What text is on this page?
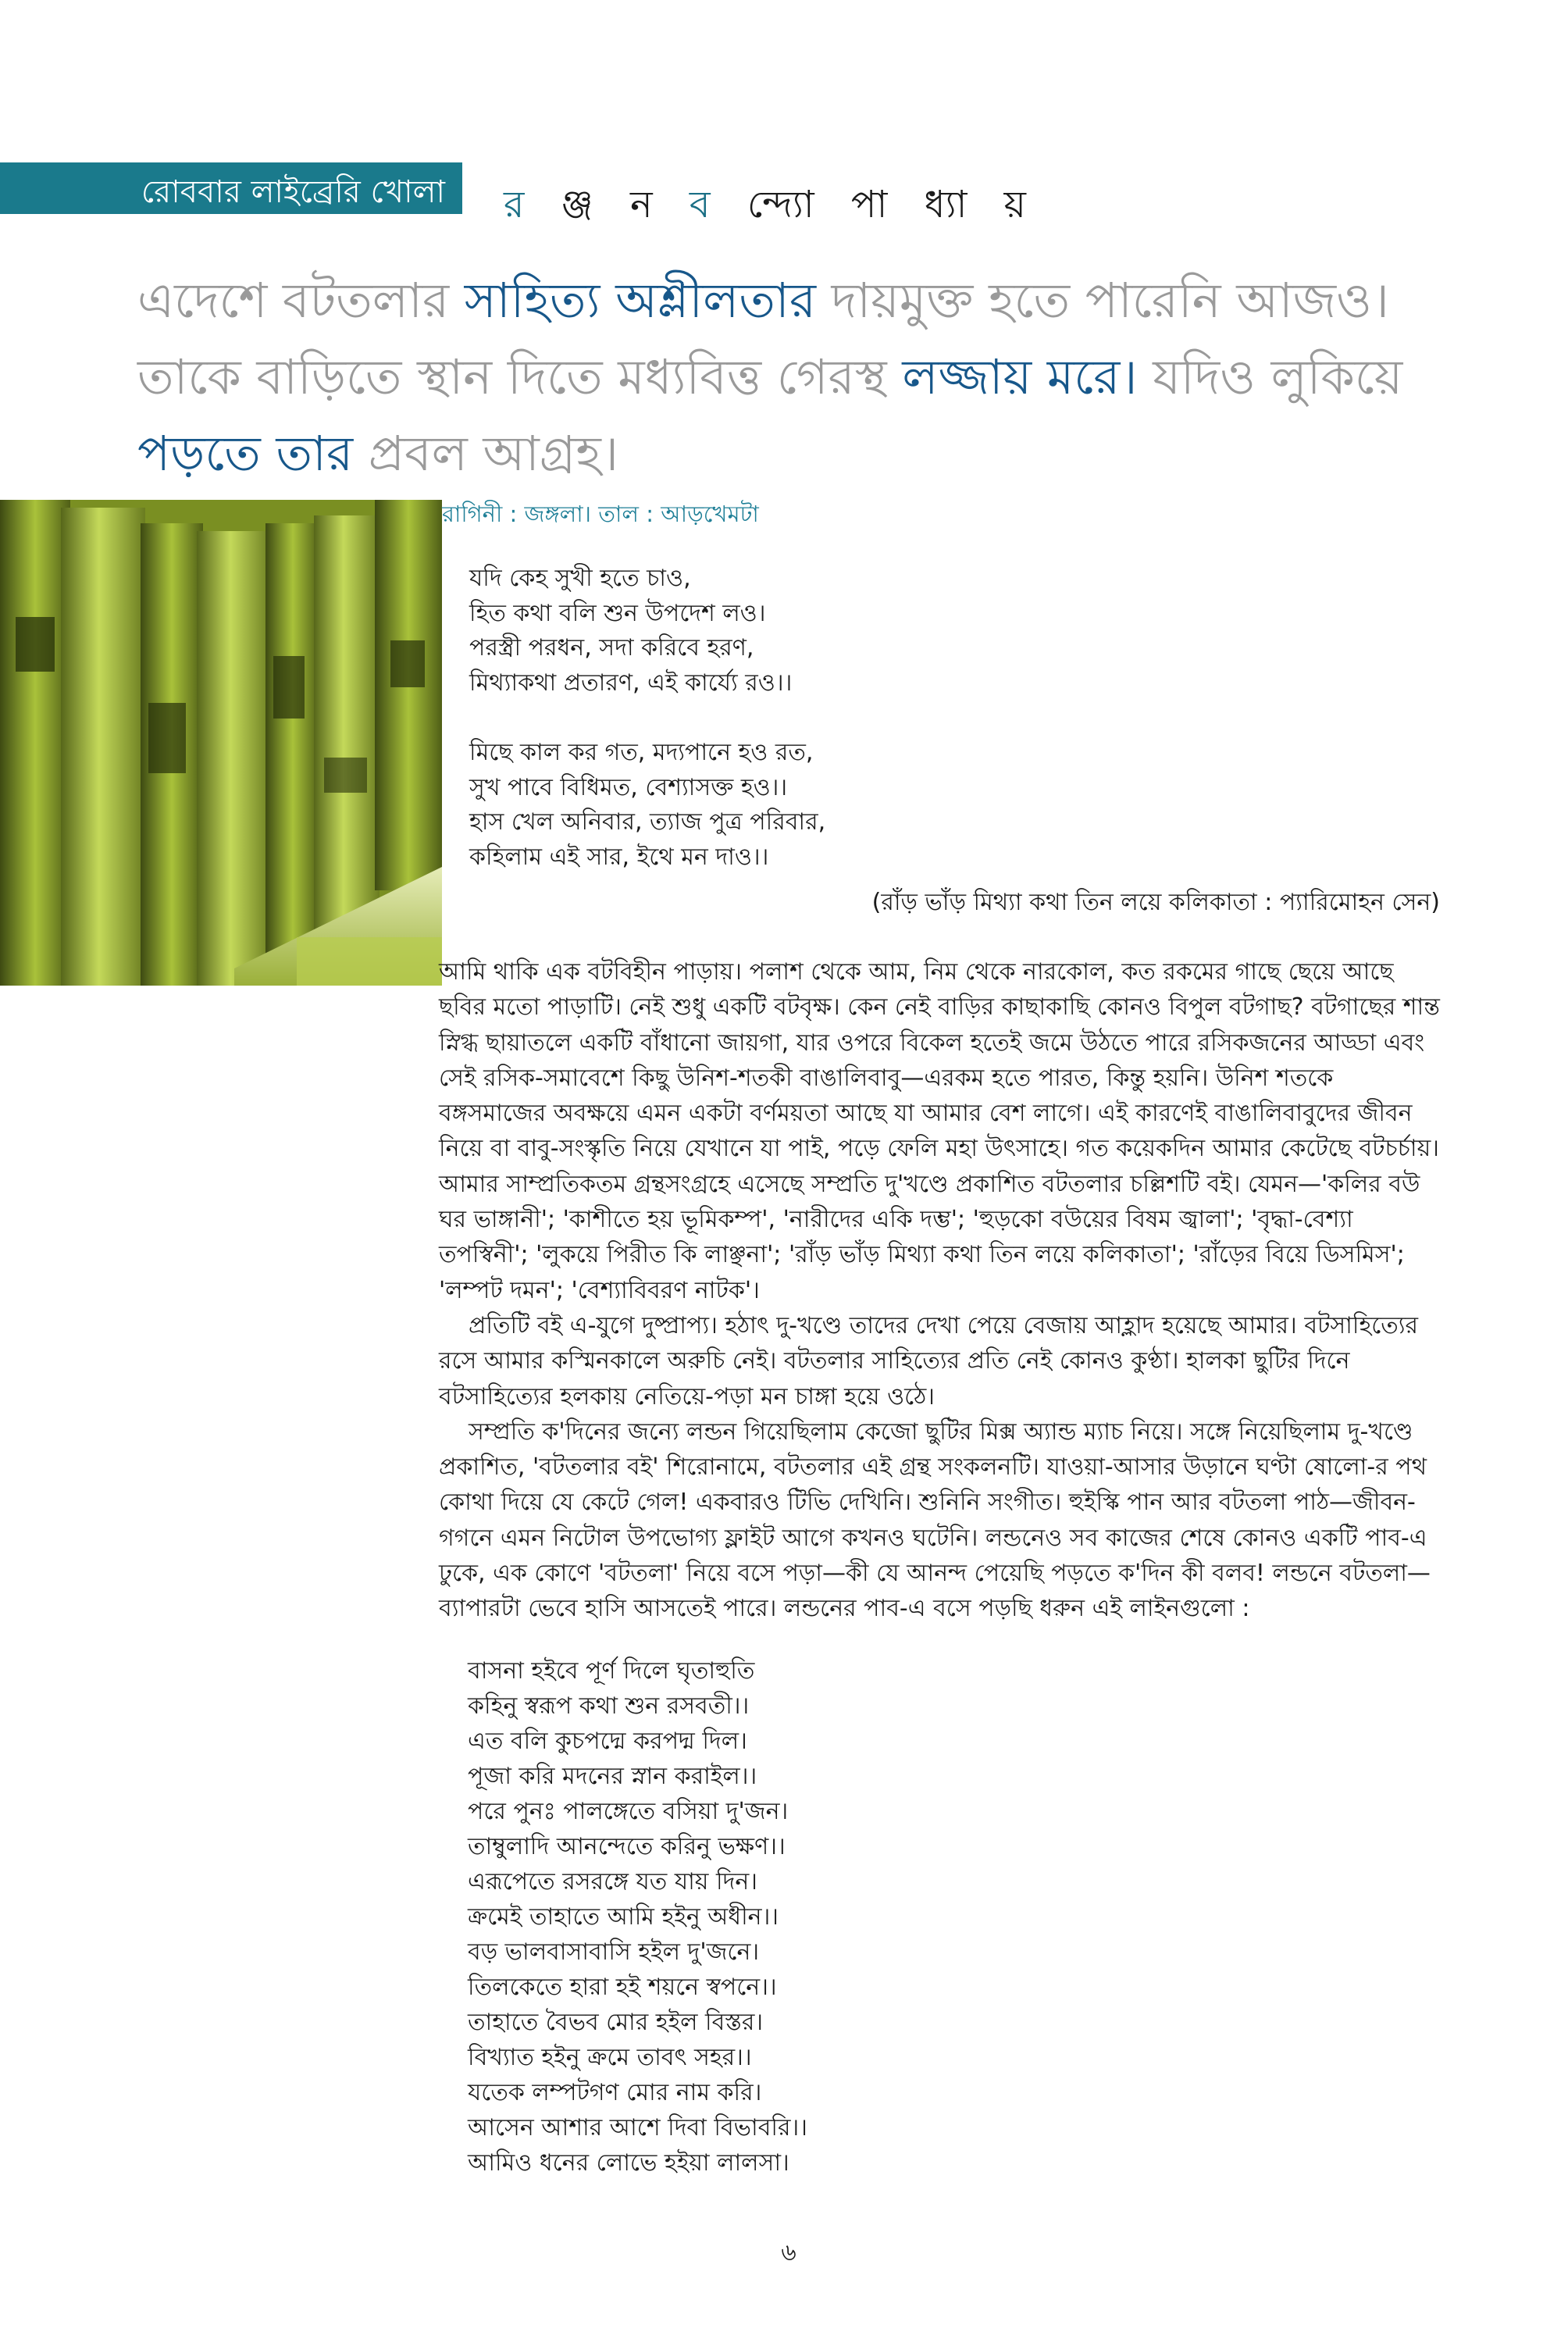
রোববার লাইব্রেরি খোলা র ঞ্জ ন ব ন্দ্যো পা ধ্যা য়
এদেশে বটতলার সাহিত্য অশ্লীলতার দায়মুক্ত হতে পারেনি আজও। তাকে বাড়িতে স্থান দিতে মধ্যবিত্ত গেরস্থ লজ্জায় মরে। যদিও লুকিয়ে পড়তে তার প্রবল আগ্রহ।
রাগিনী : জঙ্গলা। তাল : আড়খেমটা
যদি কেহ সুখী হতে চাও,
হিত কথা বলি শুন উপদেশ লও।
পরস্ত্রী পরধন, সদা করিবে হরণ,
মিথ্যাকথা প্রতারণ, এই কার্য্যে রও।।
মিছে কাল কর গত, মদ্যপানে হও রত,
সুখ পাবে বিধিমত, বেশ্যাসক্ত হও।।
হাস খেল অনিবার, ত্যাজ পুত্র পরিবার,
কহিলাম এই সার, ইথে মন দাও।।
(রাঁড় ভাঁড় মিথ্যা কথা তিন লয়ে কলিকাতা : প্যারিমোহন সেন)

আমি থাকি এক বটবিহীন পাড়ায়। পলাশ থেকে আম, নিম থেকে নারকোল, কত রকমের গাছে ছেয়ে আছে ছবির মতো পাড়াটি। নেই শুধু একটি বটবৃক্ষ। কেন নেই বাড়ির কাছাকাছি কোনও বিপুল বটগাছ? বটগাছের শান্ত স্নিগ্ধ ছায়াতলে একটি বাঁধানো জায়গা, যার ওপরে বিকেল হতেই জমে উঠতে পারে রসিকজনের আড্ডা এবং সেই রসিক-সমাবেশে কিছু উনিশ-শতকী বাঙালিবাবু—এরকম হতে পারত, কিন্তু হয়নি। উনিশ শতকে বঙ্গসমাজের অবক্ষয়ে এমন একটা বর্ণময়তা আছে যা আমার বেশ লাগে। এই কারণেই বাঙালিবাবুদের জীবন নিয়ে বা বাবু-সংস্কৃতি নিয়ে যেখানে যা পাই, পড়ে ফেলি মহা উৎসাহে। গত কয়েকদিন আমার কেটেছে বটচর্চায়। আমার সাম্প্রতিকতম গ্রন্থসংগ্রহে এসেছে সম্প্রতি দু'খণ্ডে প্রকাশিত বটতলার চল্লিশটি বই। যেমন—'কলির বউ ঘর ভাঙ্গানী'; 'কাশীতে হয় ভূমিকম্প', 'নারীদের একি দম্ভ'; 'হুড়কো বউয়ের বিষম জ্বালা'; 'বৃদ্ধা-বেশ্যা তপস্বিনী'; 'লুকয়ে পিরীত কি লাঞ্ছনা'; 'রাঁড় ভাঁড় মিথ্যা কথা তিন লয়ে কলিকাতা'; 'রাঁড়ের বিয়ে ডিসমিস'; 'লম্পট দমন'; 'বেশ্যাবিবরণ নাটক'।

প্রতিটি বই এ-যুগে দুষ্প্রাপ্য। হঠাৎ দু-খণ্ডে তাদের দেখা পেয়ে বেজায় আহ্লাদ হয়েছে আমার। বটসাহিত্যের রসে আমার কস্মিনকালে অরুচি নেই। বটতলার সাহিত্যের প্রতি নেই কোনও কুণ্ঠা। হালকা ছুটির দিনে বটসাহিত্যের হলকায় নেতিয়ে-পড়া মন চাঙ্গা হয়ে ওঠে।

সম্প্রতি ক'দিনের জন্যে লন্ডন গিয়েছিলাম কেজো ছুটির মিক্স অ্যান্ড ম্যাচ নিয়ে। সঙ্গে নিয়েছিলাম দু-খণ্ডে প্রকাশিত, 'বটতলার বই' শিরোনামে, বটতলার এই গ্রন্থ সংকলনটি। যাওয়া-আসার উড়ানে ঘণ্টা ষোলো-র পথ কোথা দিয়ে যে কেটে গেল! একবারও টিভি দেখিনি। শুনিনি সংগীত। হুইস্কি পান আর বটতলা পাঠ—জীবন-গগনে এমন নিটোল উপভোগ্য ফ্লাইট আগে কখনও ঘটেনি। লন্ডনেও সব কাজের শেষে কোনও একটি পাব-এ ঢুকে, এক কোণে 'বটতলা' নিয়ে বসে পড়া—কী যে আনন্দ পেয়েছি পড়তে ক'দিন কী বলব! লন্ডনে বটতলা—ব্যাপারটা ভেবে হাসি আসতেই পারে। লন্ডনের পাব-এ বসে পড়ছি ধরুন এই লাইনগুলো :

বাসনা হইবে পূর্ণ দিলে ঘৃতাহুতি
কহিনু স্বরূপ কথা শুন রসবতী।।
এত বলি কুচপদ্মে করপদ্ম দিল।
পূজা করি মদনের স্নান করাইল।।
পরে পুনঃ পালঙ্গেতে বসিয়া দু'জন।
তাম্বুলাদি আনন্দেতে করিনু ভক্ষণ।।
এরূপেতে রসরঙ্গে যত যায় দিন।
ক্রমেই তাহাতে আমি হইনু অধীন।।
বড় ভালবাসাবাসি হইল দু'জনে।
তিলকেতে হারা হই শয়নে স্বপনে।।
তাহাতে বৈভব মোর হইল বিস্তর।
বিখ্যাত হইনু ক্রমে তাবৎ সহর।।
যতেক লম্পটগণ মোর নাম করি।
আসেন আশার আশে দিবা বিভাবরি।।
আমিও ধনের লোভে হইয়া লালসা।
৬
